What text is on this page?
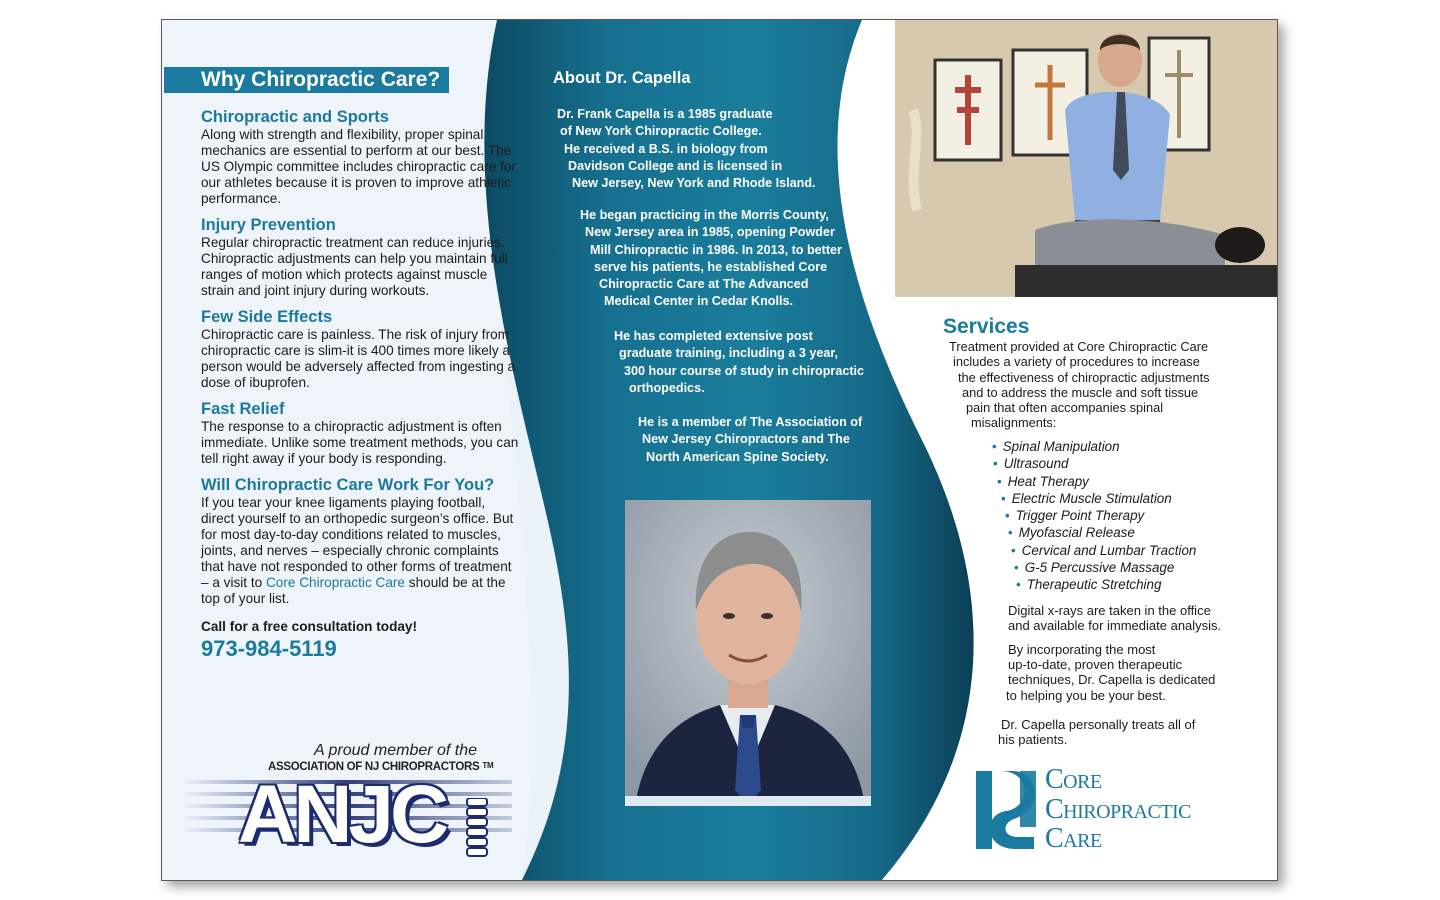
Why Chiropractic Care?
Chiropractic and Sports

Along with strength and flexibility, proper spinal mechanics are essential to perform at our best. The US Olympic committee includes chiropractic care for our athletes because it is proven to improve athletic performance.

Injury Prevention

Regular chiropractic treatment can reduce injuries. Chiropractic adjustments can help you maintain full ranges of motion which protects against muscle strain and joint injury during workouts.

Few Side Effects

Chiropractic care is painless. The risk of injury from chiropractic care is slim-it is 400 times more likely a person would be adversely affected from ingesting a dose of ibuprofen.

Fast Relief

The response to a chiropractic adjustment is often immediate. Unlike some treatment methods, you can tell right away if your body is responding.

Will Chiropractic Care Work For You?

If you tear your knee ligaments playing football, direct yourself to an orthopedic surgeon’s office. But for most day-to-day conditions related to muscles, joints, and nerves – especially chronic complaints that have not responded to other forms of treatment – a visit to Core Chiropractic Care should be at the top of your list.

Call for a free consultation today!
973-984-5119
A proud member of the
ASSOCIATION OF NJ CHIROPRACTORS ™
ANJC
About Dr. Capella
Dr. Frank Capella is a 1985 graduate
of New York Chiropractic College.
He received a B.S. in biology from
Davidson College and is licensed in
New Jersey, New York and Rhode Island.
He began practicing in the Morris County,
New Jersey area in 1985, opening Powder
Mill Chiropractic in 1986. In 2013, to better
serve his patients, he established Core
Chiropractic Care at The Advanced
Medical Center in Cedar Knolls.
He has completed extensive post
graduate training, including a 3 year,
300 hour course of study in chiropractic
orthopedics.
He is a member of The Association of
New Jersey Chiropractors and The
North American Spine Society.
Services
Treatment provided at Core Chiropractic Care
includes a variety of procedures to increase
the effectiveness of chiropractic adjustments
and to address the muscle and soft tissue
pain that often accompanies spinal
misalignments:
• Spinal Manipulation
• Ultrasound
• Heat Therapy
• Electric Muscle Stimulation
• Trigger Point Therapy
• Myofascial Release
• Cervical and Lumbar Traction
• G-5 Percussive Massage
• Therapeutic Stretching
Digital x-rays are taken in the office
and available for immediate analysis.
By incorporating the most
up-to-date, proven therapeutic
techniques, Dr. Capella is dedicated
to helping you be your best.
Dr. Capella personally treats all of
his patients.
Core
Chiropractic
Care
